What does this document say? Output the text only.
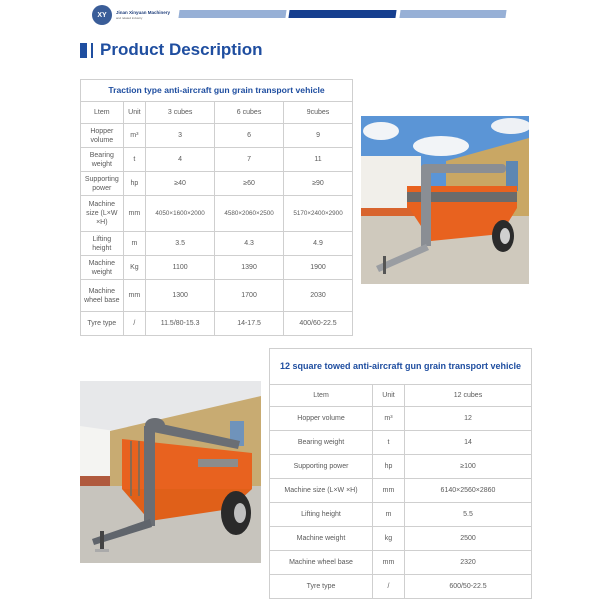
XY Jinan Xinyuan Machinery
and related industry
Product Description
Traction type anti-aircraft gun grain transport vehicle				
Ltem	Unit	3 cubes	6 cubes	9cubes
Hopper volume	m³	3	6	9
Bearing weight	t	4	7	11
Supporting power	hp	≥40	≥60	≥90
Machine size (L×W ×H)	mm	4050×1600×2000	4580×2060×2500	5170×2400×2900
Lifting height	m	3.5	4.3	4.9
Machine weight	Kg	1100	1390	1900
Machine wheel base	mm	1300	1700	2030
Tyre type	/	11.5/80-15.3	14-17.5	400/60-22.5
12 square towed anti-aircraft gun grain transport vehicle		
Ltem	Unit	12 cubes
Hopper volume	m³	12
Bearing weight	t	14
Supporting power	hp	≥100
Machine size (L×W ×H)	mm	6140×2560×2860
Lifting height	m	5.5
Machine weight	kg	2500
Machine wheel base	mm	2320
Tyre type	/	600/50-22.5
